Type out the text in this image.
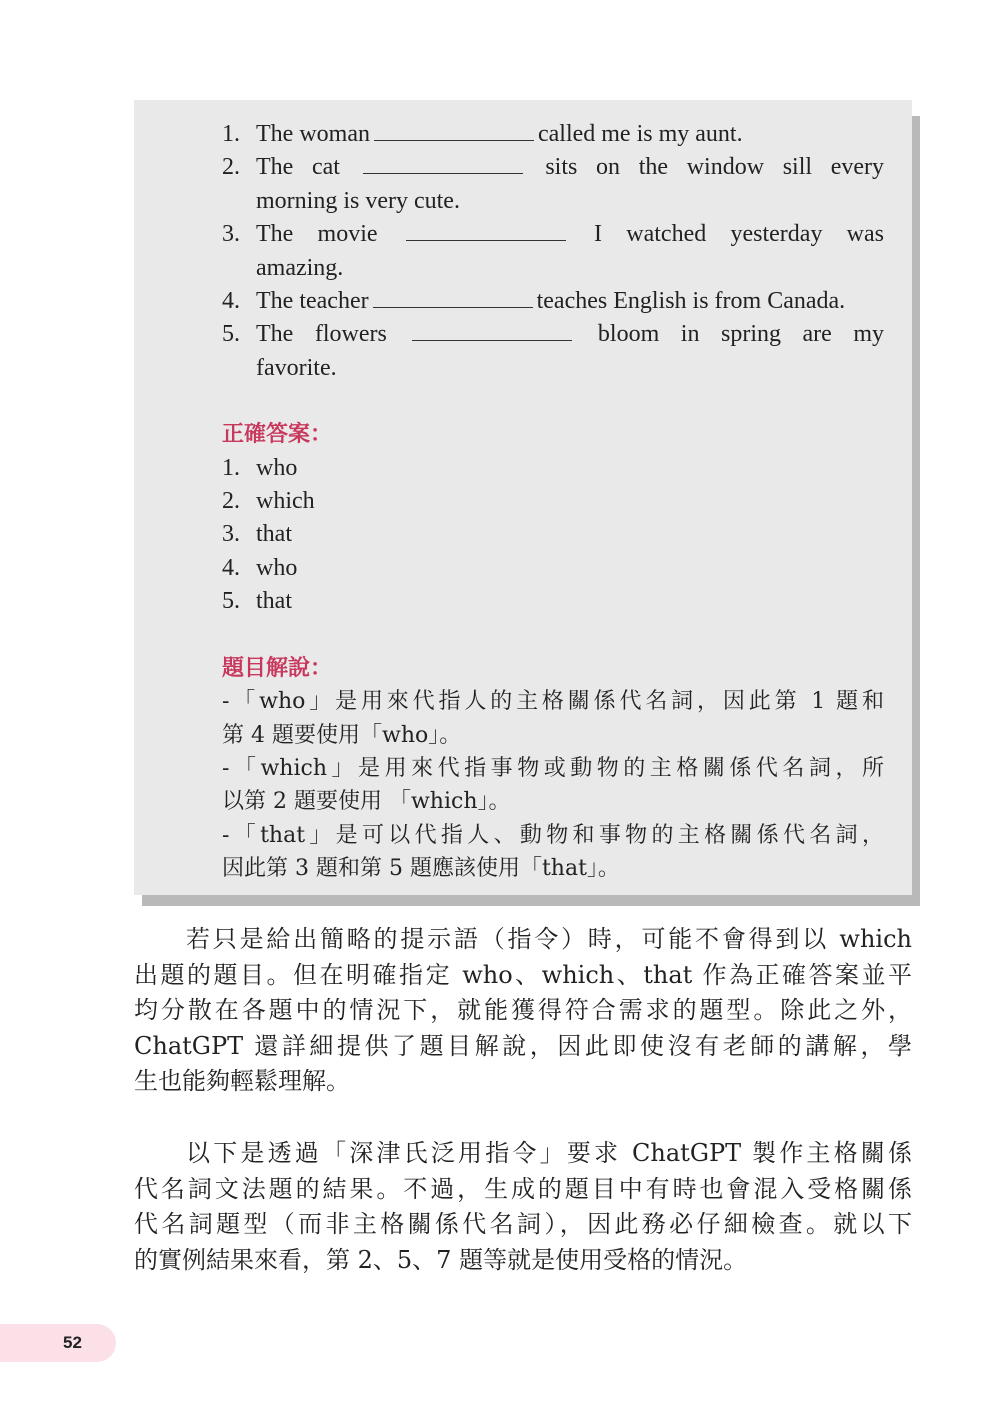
1. The woman	called me is my aunt.
2. The cat	sits on the window sill every
morning is very cute.
3. The movie	I watched yesterday was
amazing.
4. The teacher	teaches English is from Canada.
5. The flowers	bloom in spring are my
favorite.
正確答案：
1. who
2. which
3. that
4. who
5. that
題目解說：
-「who」是用來代指人的主格關係代名詞，因此第 1 題和
第 4 題要使用「who」。
-「which」是用來代指事物或動物的主格關係代名詞，所
以第 2 題要使用 「which」。
-「that」是可以代指人、動物和事物的主格關係代名詞，
因此第 3 題和第 5 題應該使用「that」。
若只是給出簡略的提示語（指令）時，可能不會得到以 which
出題的題目。但在明確指定 who、which、that 作為正確答案並平
均分散在各題中的情況下，就能獲得符合需求的題型。除此之外，
ChatGPT 還詳細提供了題目解說，因此即使沒有老師的講解，學
生也能夠輕鬆理解。
以下是透過「深津氏泛用指令」要求 ChatGPT 製作主格關係
代名詞文法題的結果。不過，生成的題目中有時也會混入受格關係
代名詞題型（而非主格關係代名詞），因此務必仔細檢查。就以下
的實例結果來看，第 2、5、7 題等就是使用受格的情況。
52
